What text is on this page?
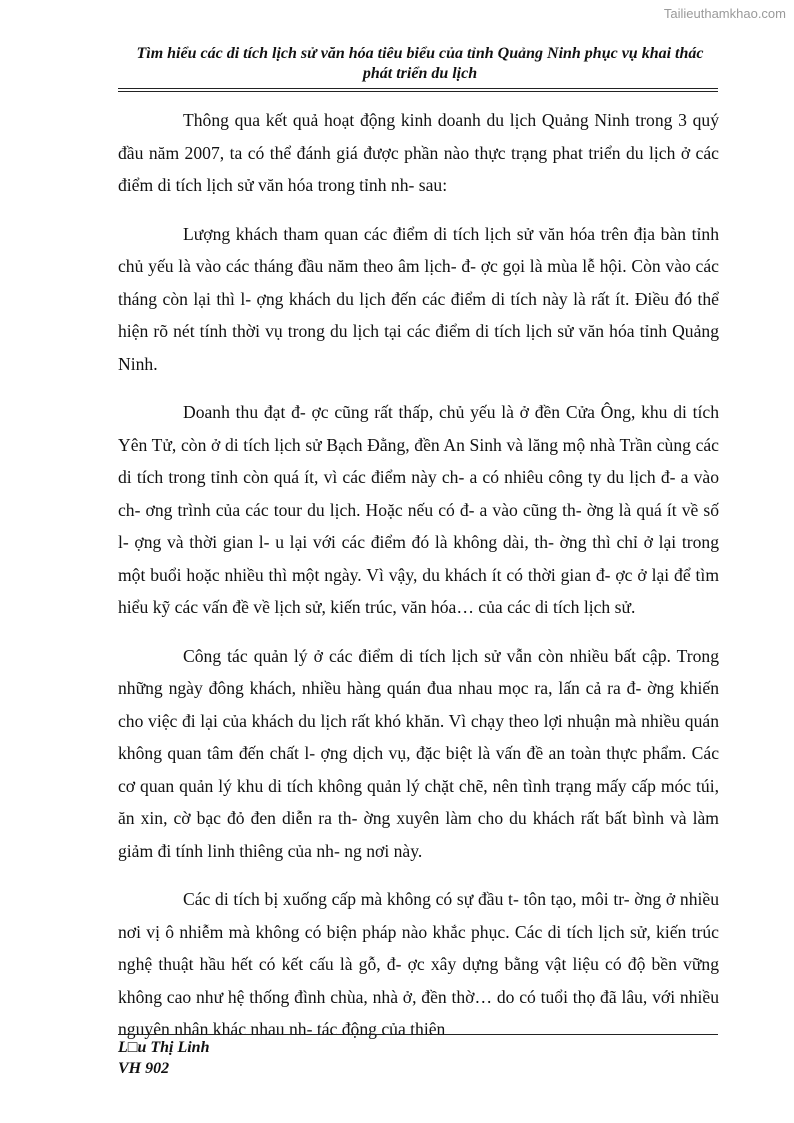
Tailieuthamkhao.com
Tìm hiểu các di tích lịch sử văn hóa tiêu biểu của tỉnh Quảng Ninh phục vụ khai thác phát triển du lịch

Thông qua kết quả hoạt động kinh doanh du lịch Quảng Ninh trong 3 quý đầu năm 2007, ta có thể đánh giá được phần nào thực trạng phat triển du lịch ở các điểm di tích lịch sử văn hóa trong tỉnh nh- sau:

Lượng khách tham quan các điểm di tích lịch sử văn hóa trên địa bàn tỉnh chủ yếu là vào các tháng đầu năm theo âm lịch- đ- ợc gọi là mùa lễ hội. Còn vào các tháng còn lại thì l- ợng khách du lịch đến các điểm di tích này là rất ít. Điều đó thể hiện rõ nét tính thời vụ trong du lịch tại các điểm di tích lịch sử văn hóa tỉnh Quảng Ninh.

Doanh thu đạt đ- ợc cũng rất thấp, chủ yếu là ở đền Cửa Ông, khu di tích Yên Tử, còn ở di tích lịch sử Bạch Đằng, đền An Sinh và lăng mộ nhà Trần cùng các di tích trong tỉnh còn quá ít, vì các điểm này ch- a có nhiêu công ty du lịch đ- a vào ch- ơng trình của các tour du lịch. Hoặc nếu có đ- a vào cũng th- ờng là quá ít về số l- ợng và thời gian l- u lại với các điểm đó là không dài, th- ờng thì chỉ ở lại trong một buổi hoặc nhiều thì một ngày. Vì vậy, du khách ít có thời gian đ- ợc ở lại để tìm hiểu kỹ các vấn đề về lịch sử, kiến trúc, văn hóa… của các di tích lịch sử.

Công tác quản lý ở các điểm di tích lịch sử vẫn còn nhiều bất cập. Trong những ngày đông khách, nhiều hàng quán đua nhau mọc ra, lấn cả ra đ- ờng khiến cho việc đi lại của khách du lịch rất khó khăn. Vì chạy theo lợi nhuận mà nhiều quán không quan tâm đến chất l- ợng dịch vụ, đặc biệt là vấn đề an toàn thực phẩm. Các cơ quan quản lý khu di tích không quản lý chặt chẽ, nên tình trạng mấy cấp móc túi, ăn xin, cờ bạc đỏ đen diễn ra th- ờng xuyên làm cho du khách rất bất bình và làm giảm đi tính linh thiêng của nh- ng nơi này.

Các di tích bị xuống cấp mà không có sự đầu t- tôn tạo, môi tr- ờng ở nhiều nơi vị ô nhiễm mà không có biện pháp nào khắc phục. Các di tích lịch sử, kiến trúc nghệ thuật hầu hết có kết cấu là gỗ, đ- ợc xây dựng bằng vật liệu có độ bền vững không cao như hệ thống đình chùa, nhà ở, đền thờ… do có tuổi thọ đã lâu, với nhiều nguyên nhân khác nhau nh- tác động của thiên

L□u Thị Linh
VH 902
